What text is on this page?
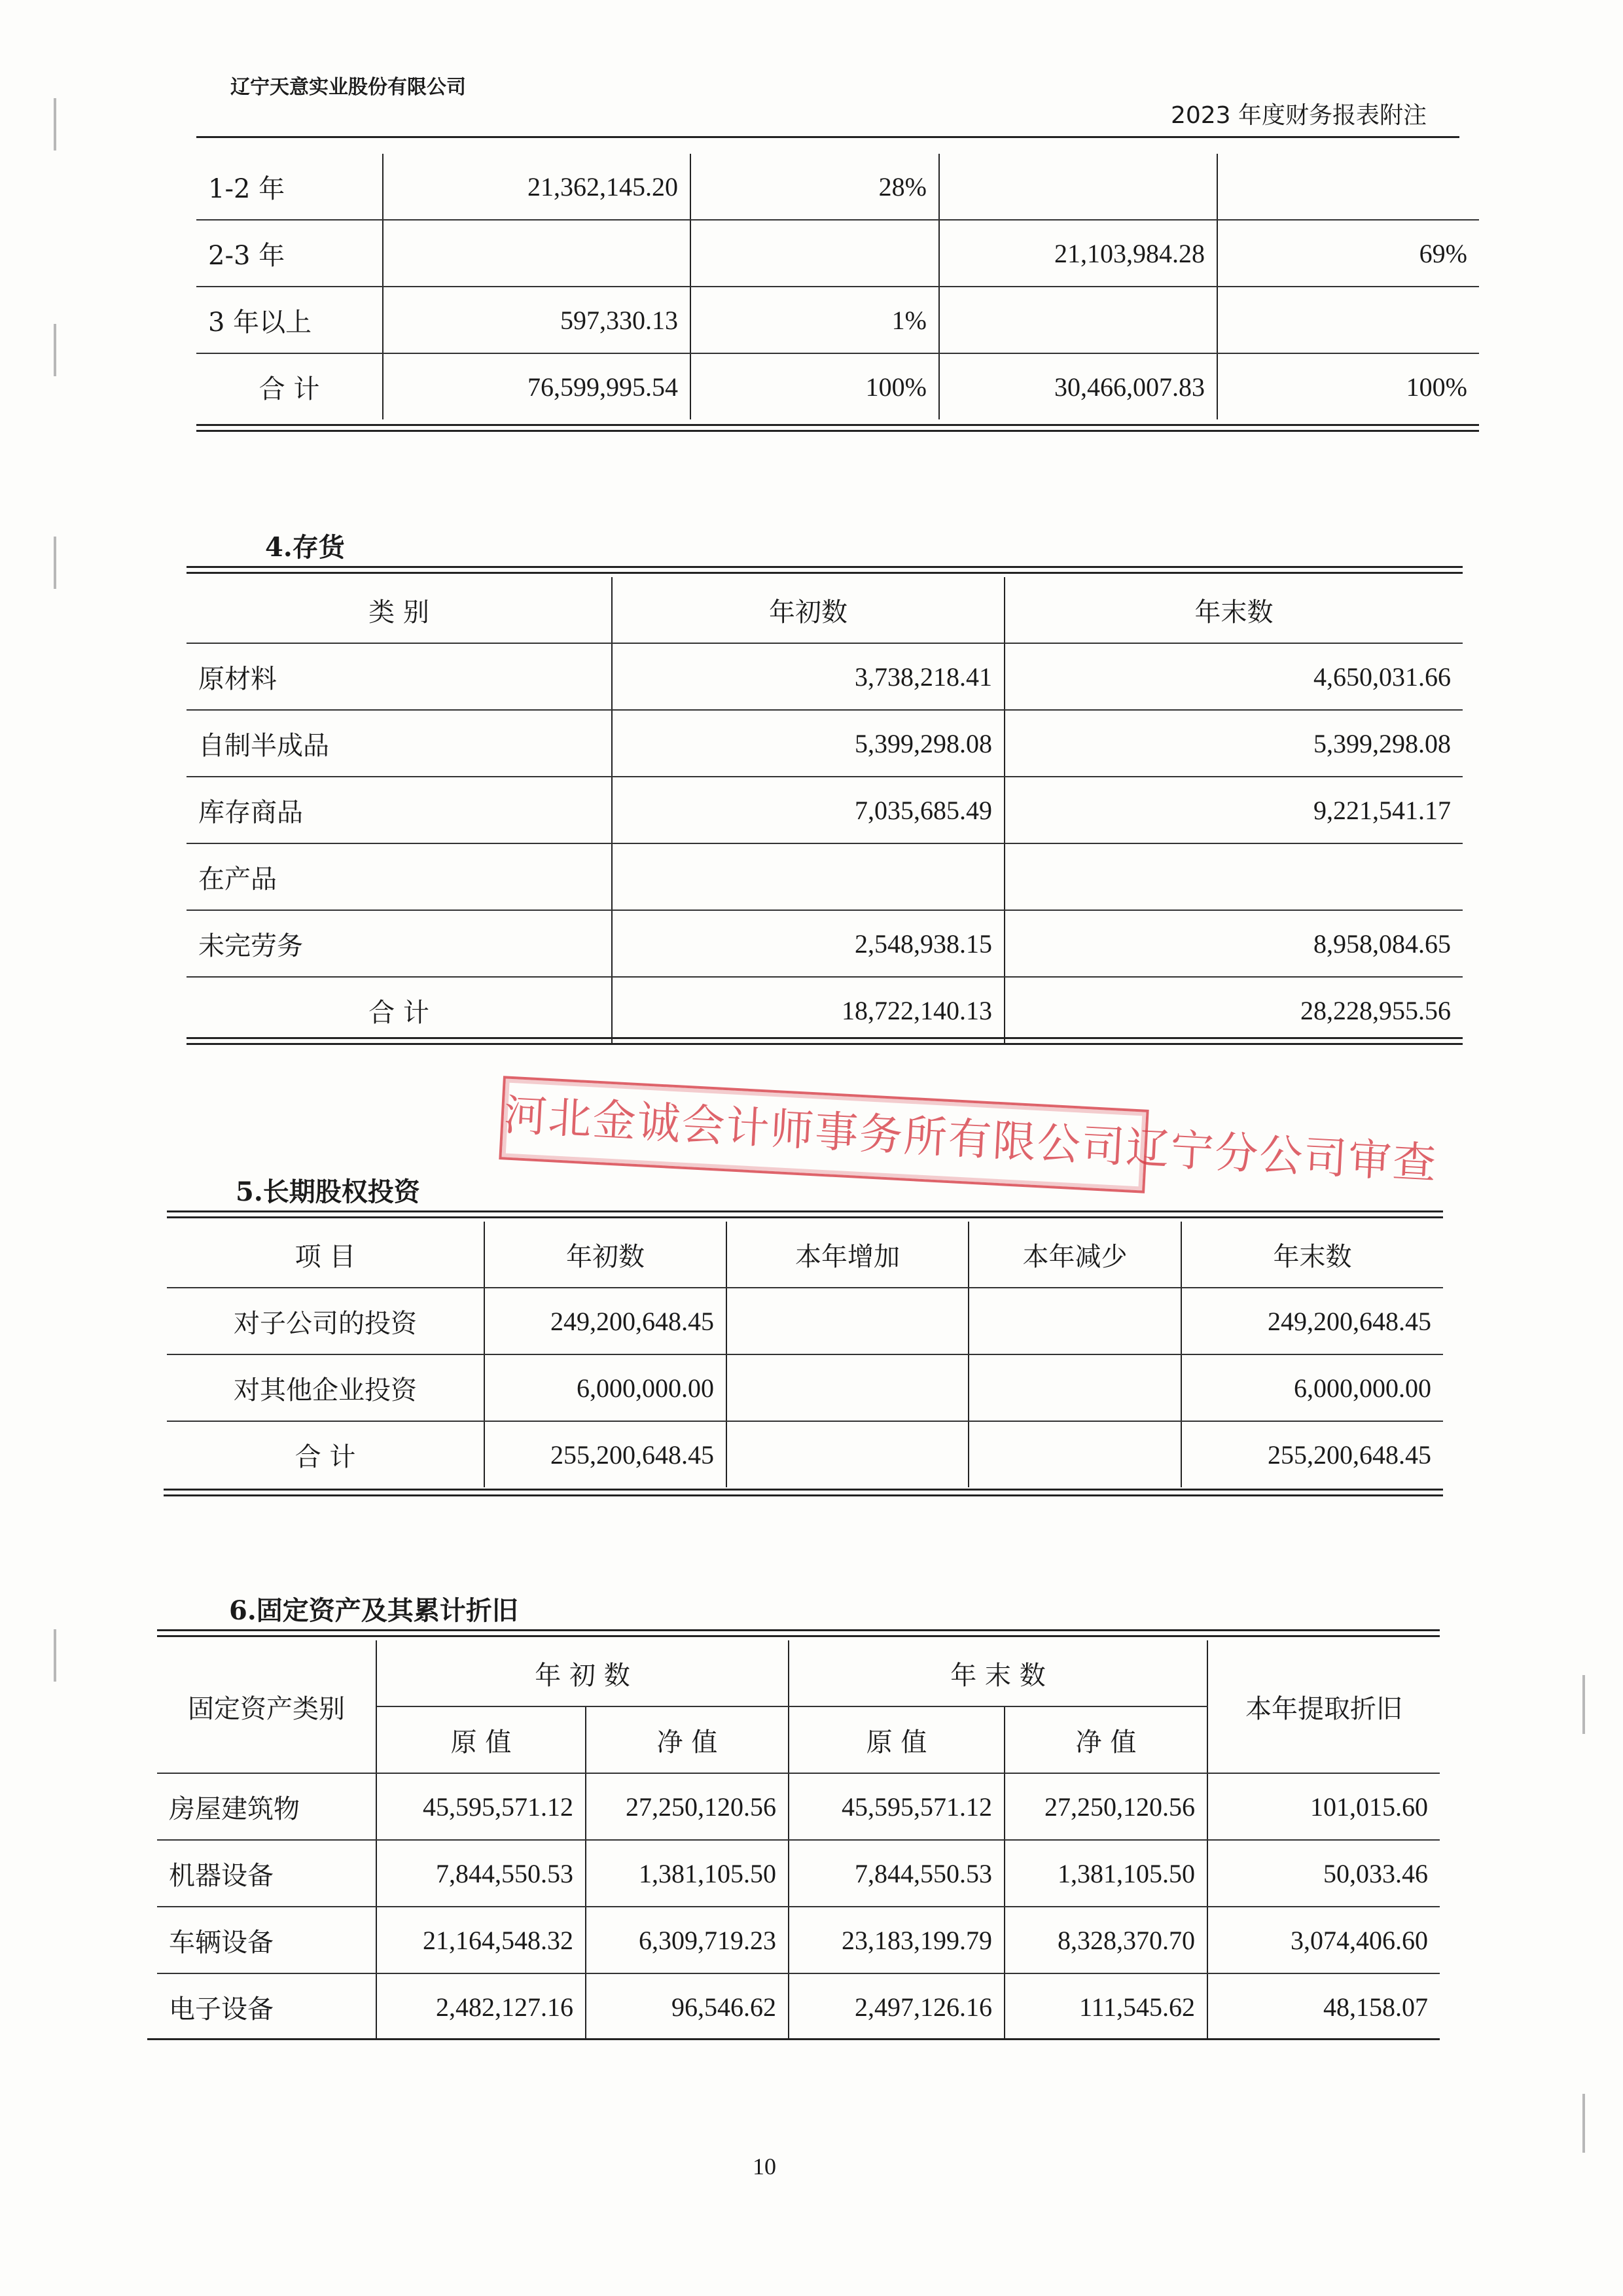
辽宁天意实业股份有限公司
2023 年度财务报表附注
1-2 年	21,362,145.20	28%		
2-3 年			21,103,984.28	69%
3 年以上	597,330.13	1%		
合 计	76,599,995.54	100%	30,466,007.83	100%
4.存货
类 别	年初数	年末数
原材料	3,738,218.41	4,650,031.66
自制半成品	5,399,298.08	5,399,298.08
库存商品	7,035,685.49	9,221,541.17
在产品		
未完劳务	2,548,938.15	8,958,084.65
合 计	18,722,140.13	28,228,955.56
河北金诚会计师事务所有限公司辽宁分公司审查
5.长期股权投资
项 目	年初数	本年增加	本年减少	年末数
对子公司的投资	249,200,648.45			249,200,648.45
对其他企业投资	6,000,000.00			6,000,000.00
合 计	255,200,648.45			255,200,648.45
6.固定资产及其累计折旧
固定资产类别	年 初 数		年 末 数		本年提取折旧
	原 值	净 值	原 值	净 值	
房屋建筑物	45,595,571.12	27,250,120.56	45,595,571.12	27,250,120.56	101,015.60
机器设备	7,844,550.53	1,381,105.50	7,844,550.53	1,381,105.50	50,033.46
车辆设备	21,164,548.32	6,309,719.23	23,183,199.79	8,328,370.70	3,074,406.60
电子设备	2,482,127.16	96,546.62	2,497,126.16	111,545.62	48,158.07
10
